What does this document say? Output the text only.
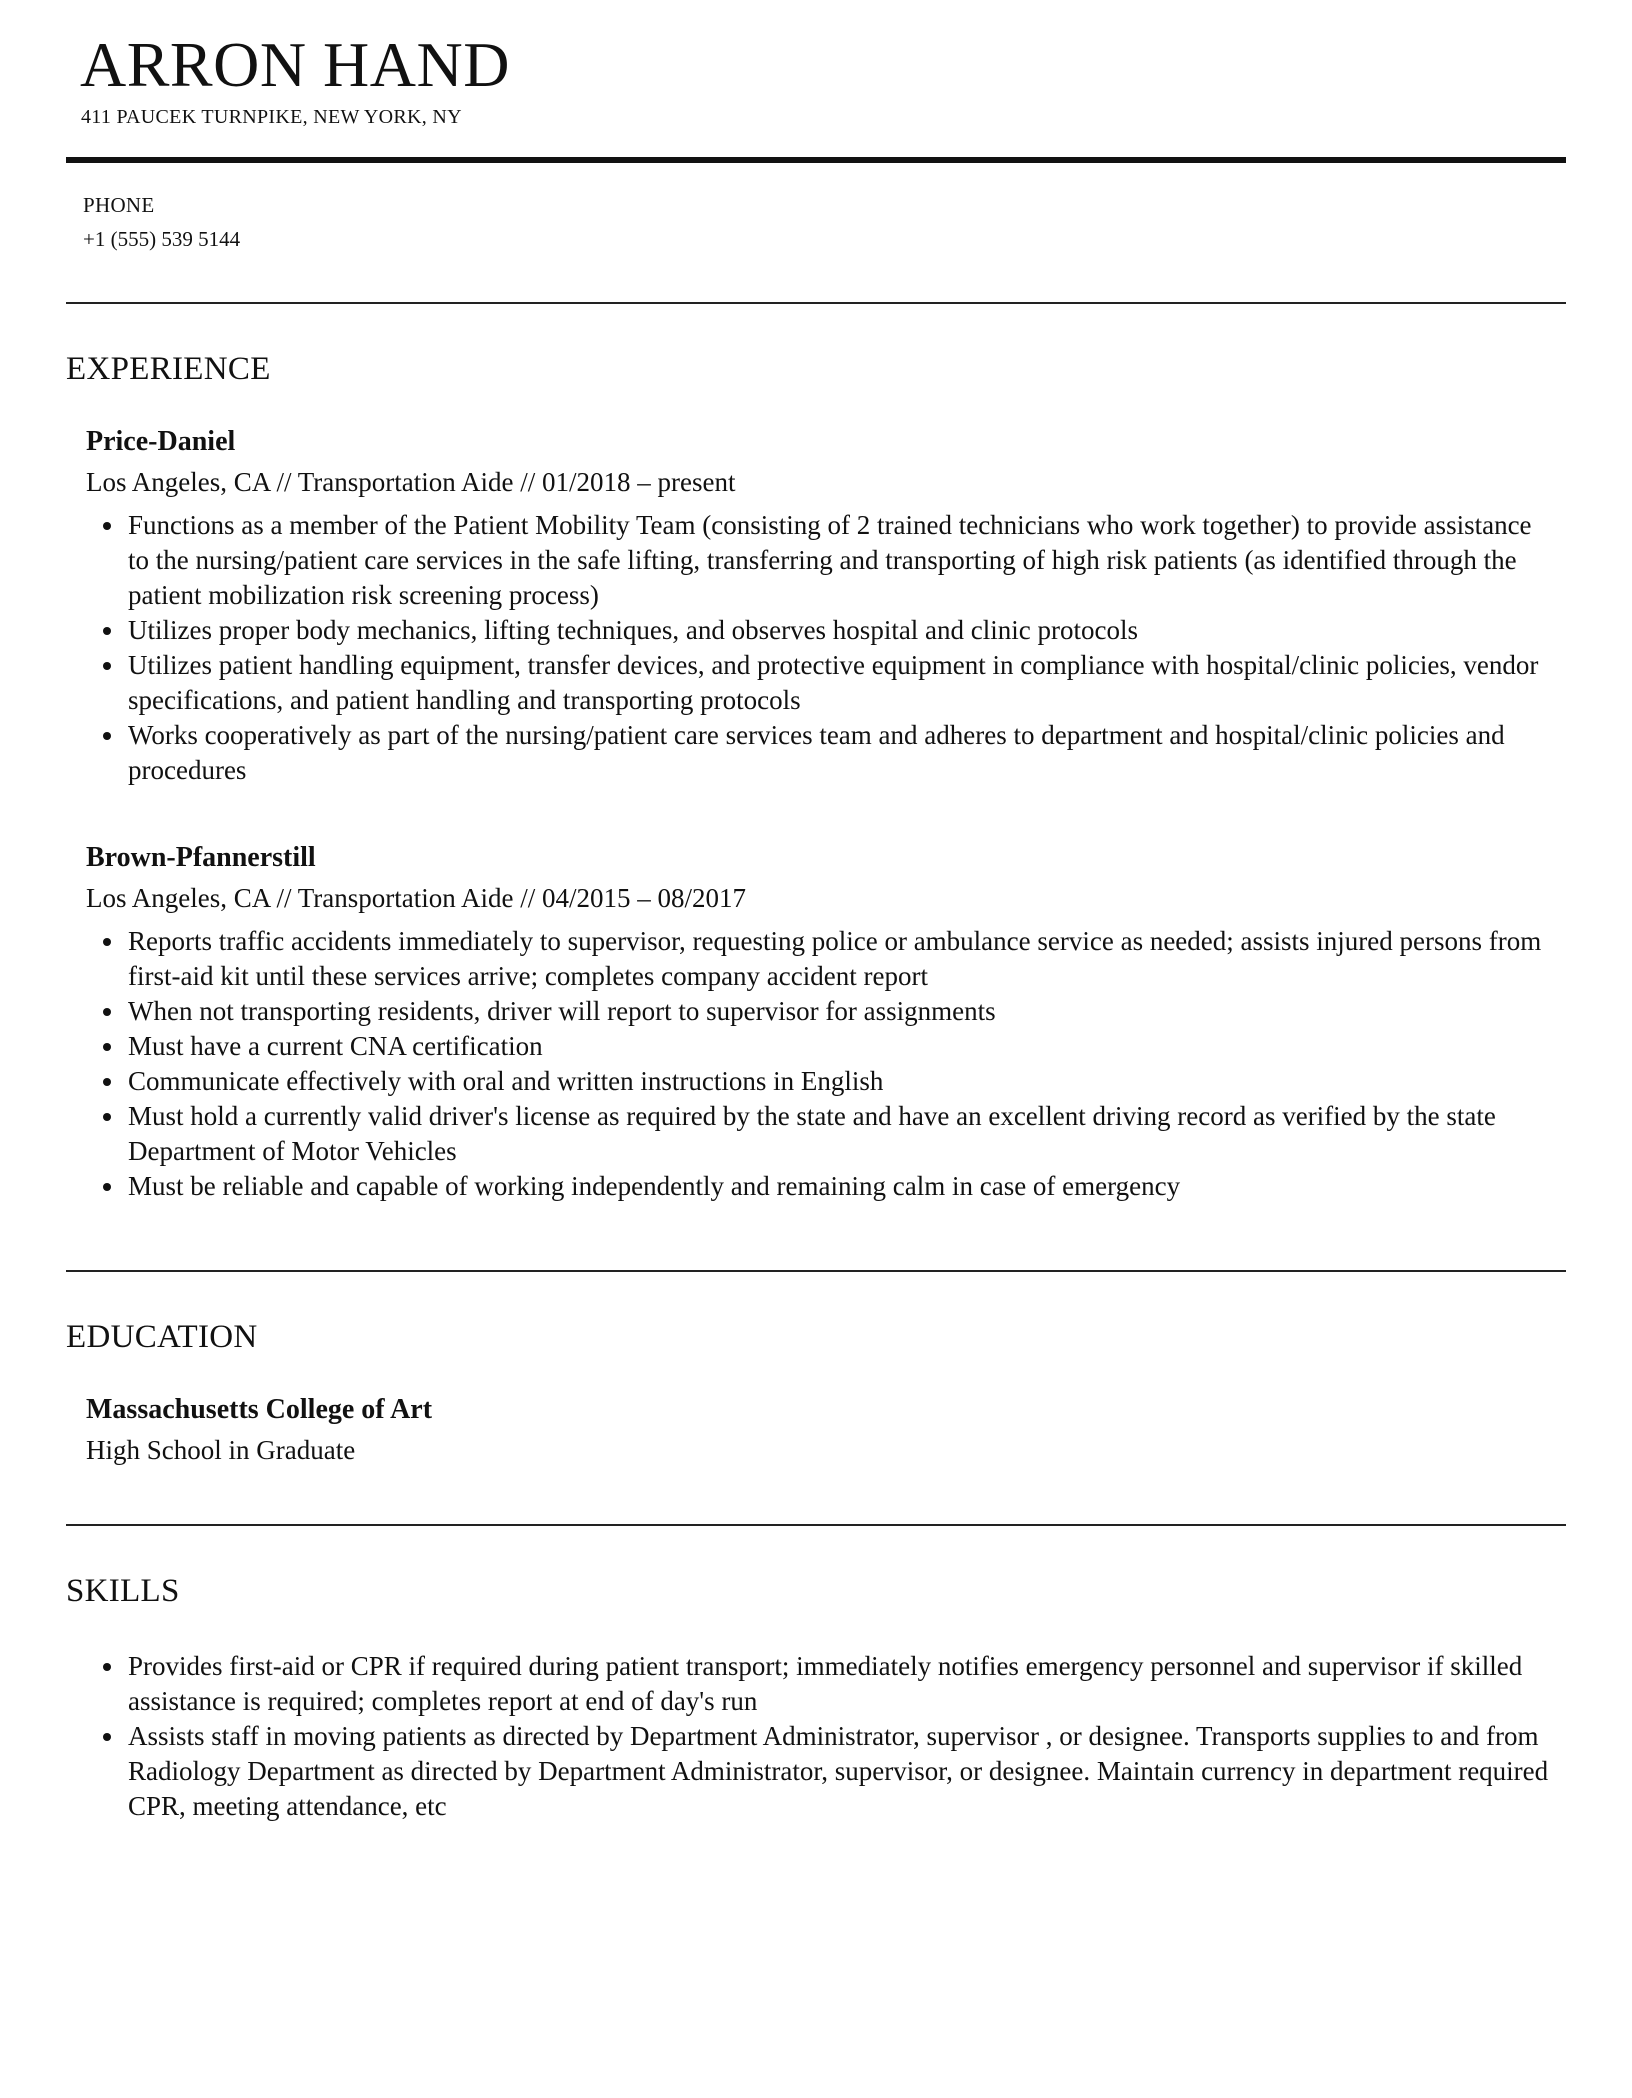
ARRON HAND
411 PAUCEK TURNPIKE, NEW YORK, NY
PHONE
+1 (555) 539 5144
EXPERIENCE
Price-Daniel
Los Angeles, CA // Transportation Aide // 01/2018 – present
Functions as a member of the Patient Mobility Team (consisting of 2 trained technicians who work together) to provide assistance to the nursing/patient care services in the safe lifting, transferring and transporting of high risk patients (as identified through the patient mobilization risk screening process)
Utilizes proper body mechanics, lifting techniques, and observes hospital and clinic protocols
Utilizes patient handling equipment, transfer devices, and protective equipment in compliance with hospital/clinic policies, vendor specifications, and patient handling and transporting protocols
Works cooperatively as part of the nursing/patient care services team and adheres to department and hospital/clinic policies and procedures
Brown-Pfannerstill
Los Angeles, CA // Transportation Aide // 04/2015 – 08/2017
Reports traffic accidents immediately to supervisor, requesting police or ambulance service as needed; assists injured persons from first-aid kit until these services arrive; completes company accident report
When not transporting residents, driver will report to supervisor for assignments
Must have a current CNA certification
Communicate effectively with oral and written instructions in English
Must hold a currently valid driver's license as required by the state and have an excellent driving record as verified by the state Department of Motor Vehicles
Must be reliable and capable of working independently and remaining calm in case of emergency
EDUCATION
Massachusetts College of Art
High School in Graduate
SKILLS
Provides first-aid or CPR if required during patient transport; immediately notifies emergency personnel and supervisor if skilled assistance is required; completes report at end of day's run
Assists staff in moving patients as directed by Department Administrator, supervisor , or designee. Transports supplies to and from Radiology Department as directed by Department Administrator, supervisor, or designee. Maintain currency in department required CPR, meeting attendance, etc
